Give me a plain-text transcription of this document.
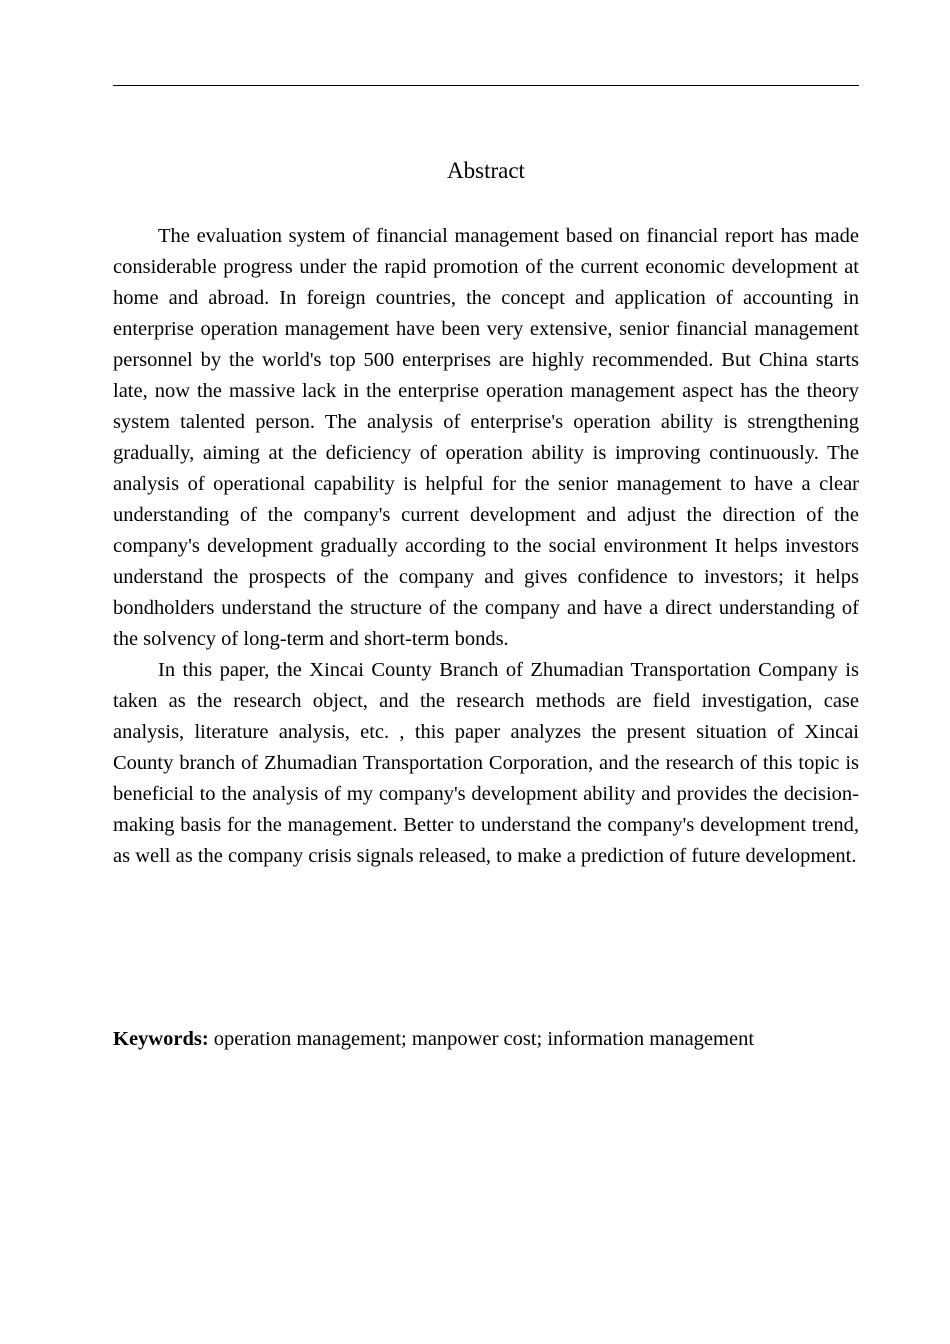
Abstract

The evaluation system of financial management based on financial report has made considerable progress under the rapid promotion of the current economic development at home and abroad. In foreign countries, the concept and application of accounting in enterprise operation management have been very extensive, senior financial management personnel by the world's top 500 enterprises are highly recommended. But China starts late, now the massive lack in the enterprise operation management aspect has the theory system talented person. The analysis of enterprise's operation ability is strengthening gradually, aiming at the deficiency of operation ability is improving continuously. The analysis of operational capability is helpful for the senior management to have a clear understanding of the company's current development and adjust the direction of the company's development gradually according to the social environment It helps investors understand the prospects of the company and gives confidence to investors; it helps bondholders understand the structure of the company and have a direct understanding of the solvency of long-term and short-term bonds.

In this paper, the Xincai County Branch of Zhumadian Transportation Company is taken as the research object, and the research methods are field investigation, case analysis, literature analysis, etc. , this paper analyzes the present situation of Xincai County branch of Zhumadian Transportation Corporation, and the research of this topic is beneficial to the analysis of my company's development ability and provides the decision-making basis for the management. Better to understand the company's development trend, as well as the company crisis signals released, to make a prediction of future development.

Keywords: operation management; manpower cost; information management
